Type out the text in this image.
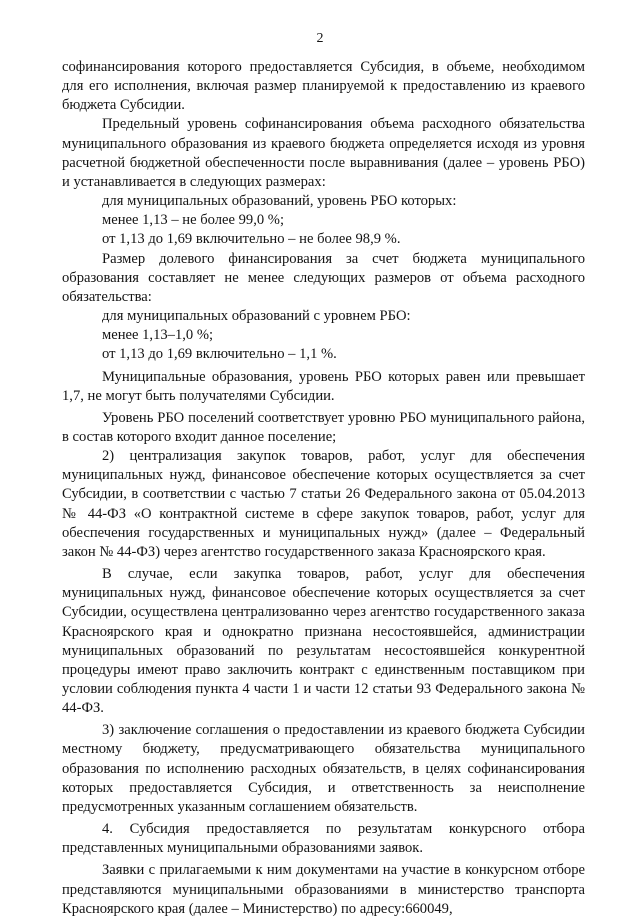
2

софинансирования которого предоставляется Субсидия, в объеме, необходимом для его исполнения, включая размер планируемой к предоставлению из краевого бюджета Субсидии.

Предельный уровень софинансирования объема расходного обязательства муниципального образования из краевого бюджета определяется исходя из уровня расчетной бюджетной обеспеченности после выравнивания (далее – уровень РБО) и устанавливается в следующих размерах:

для муниципальных образований, уровень РБО которых:

менее 1,13 – не более 99,0 %;

от 1,13 до 1,69 включительно – не более 98,9 %.

Размер долевого финансирования за счет бюджета муниципального образования составляет не менее следующих размеров от объема расходного обязательства:

для муниципальных образований с уровнем РБО:

менее 1,13–1,0 %;

от 1,13 до 1,69 включительно – 1,1 %.

Муниципальные образования, уровень РБО которых равен или превышает 1,7, не могут быть получателями Субсидии.

Уровень РБО поселений соответствует уровню РБО муниципального района, в состав которого входит данное поселение;

2) централизация закупок товаров, работ, услуг для обеспечения муниципальных нужд, финансовое обеспечение которых осуществляется за счет Субсидии, в соответствии с частью 7 статьи 26 Федерального закона от 05.04.2013 № 44-ФЗ «О контрактной системе в сфере закупок товаров, работ, услуг для обеспечения государственных и муниципальных нужд» (далее – Федеральный закон № 44-ФЗ) через агентство государственного заказа Красноярского края.

В случае, если закупка товаров, работ, услуг для обеспечения муниципальных нужд, финансовое обеспечение которых осуществляется за счет Субсидии, осуществлена централизованно через агентство государственного заказа Красноярского края и однократно признана несостоявшейся, администрации муниципальных образований по результатам несостоявшейся конкурентной процедуры имеют право заключить контракт с единственным поставщиком при условии соблюдения пункта 4 части 1 и части 12 статьи 93 Федерального закона № 44-ФЗ.

3) заключение соглашения о предоставлении из краевого бюджета Субсидии местному бюджету, предусматривающего обязательства муниципального образования по исполнению расходных обязательств, в целях софинансирования которых предоставляется Субсидия, и ответственность за неисполнение предусмотренных указанным соглашением обязательств.

4. Субсидия предоставляется по результатам конкурсного отбора представленных муниципальными образованиями заявок.

Заявки с прилагаемыми к ним документами на участие в конкурсном отборе представляются муниципальными образованиями в министерство транспорта Красноярского края (далее – Министерство) по адресу:660049,
